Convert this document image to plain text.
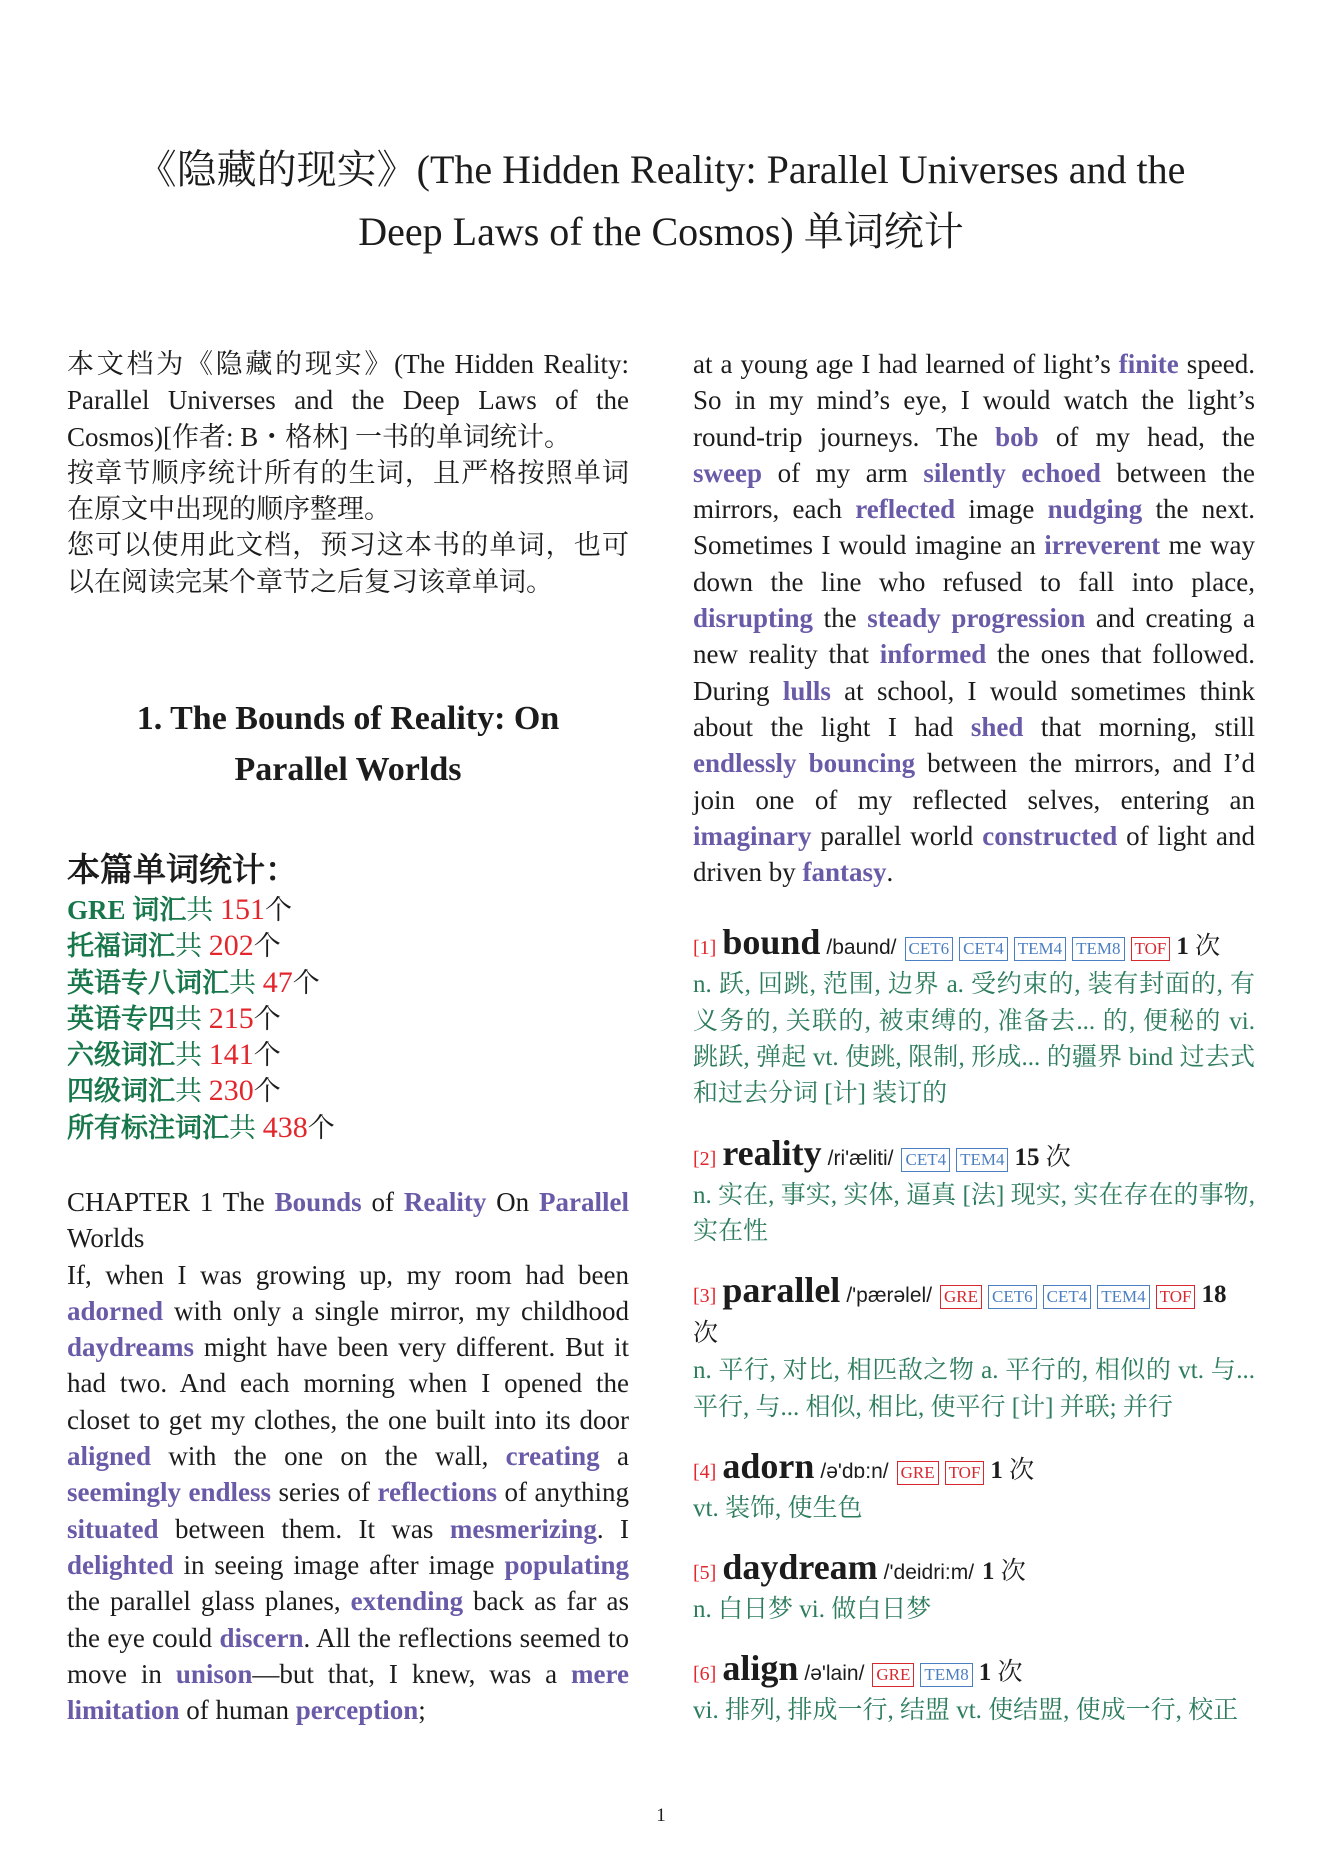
《隐藏的现实》(The Hidden Reality: Parallel Universes and the
Deep Laws of the Cosmos) 单词统计

本文档为《隐藏的现实》(The Hidden Reality: Parallel Universes and the Deep Laws of the Cosmos)[作者: B・格林] 一书的单词统计。

按章节顺序统计所有的生词，且严格按照单词在原文中出现的顺序整理。

您可以使用此文档，预习这本书的单词，也可以在阅读完某个章节之后复习该章单词。

1. The Bounds of Reality: On Parallel Worlds
本篇单词统计：
GRE 词汇共 151个
托福词汇共 202个
英语专八词汇共 47个
英语专四共 215个
六级词汇共 141个
四级词汇共 230个
所有标注词汇共 438个

CHAPTER 1 The Bounds of Reality On Parallel Worlds

If, when I was growing up, my room had been adorned with only a single mirror, my childhood daydreams might have been very different. But it had two. And each morning when I opened the closet to get my clothes, the one built into its door aligned with the one on the wall, creating a seemingly endless series of reflections of anything situated between them. It was mesmerizing. I delighted in seeing image after image populating the parallel glass planes, extending back as far as the eye could discern. All the reflections seemed to move in unison—but that, I knew, was a mere limitation of human perception;

at a young age I had learned of light’s finite speed. So in my mind’s eye, I would watch the light’s round-trip journeys. The bob of my head, the sweep of my arm silently echoed between the mirrors, each reflected image nudging the next. Sometimes I would imagine an irreverent me way down the line who refused to fall into place, disrupting the steady progression and creating a new reality that informed the ones that followed. During lulls at school, I would sometimes think about the light I had shed that morning, still endlessly bouncing between the mirrors, and I’d join one of my reflected selves, entering an imaginary parallel world constructed of light and driven by fantasy.

[1] bound /baund/ CET6 CET4 TEM4 TEM8 TOF 1 次
n. 跃, 回跳, 范围, 边界 a. 受约束的, 装有封面的, 有义务的, 关联的, 被束缚的, 准备去... 的, 便秘的 vi. 跳跃, 弹起 vt. 使跳, 限制, 形成... 的疆界 bind 过去式和过去分词 [计] 装订的
[2] reality /ri'æliti/ CET4 TEM4 15 次
n. 实在, 事实, 实体, 逼真 [法] 现实, 实在存在的事物, 实在性
[3] parallel /'pærəlel/ GRE CET6 CET4 TEM4 TOF 18 次
n. 平行, 对比, 相匹敌之物 a. 平行的, 相似的 vt. 与... 平行, 与... 相似, 相比, 使平行 [计] 并联; 并行
[4] adorn /ə'dɒ:n/ GRE TOF 1 次
vt. 装饰, 使生色
[5] daydream /'deidri:m/ 1 次
n. 白日梦 vi. 做白日梦
[6] align /ə'lain/ GRE TEM8 1 次
vi. 排列, 排成一行, 结盟 vt. 使结盟, 使成一行, 校正
1
